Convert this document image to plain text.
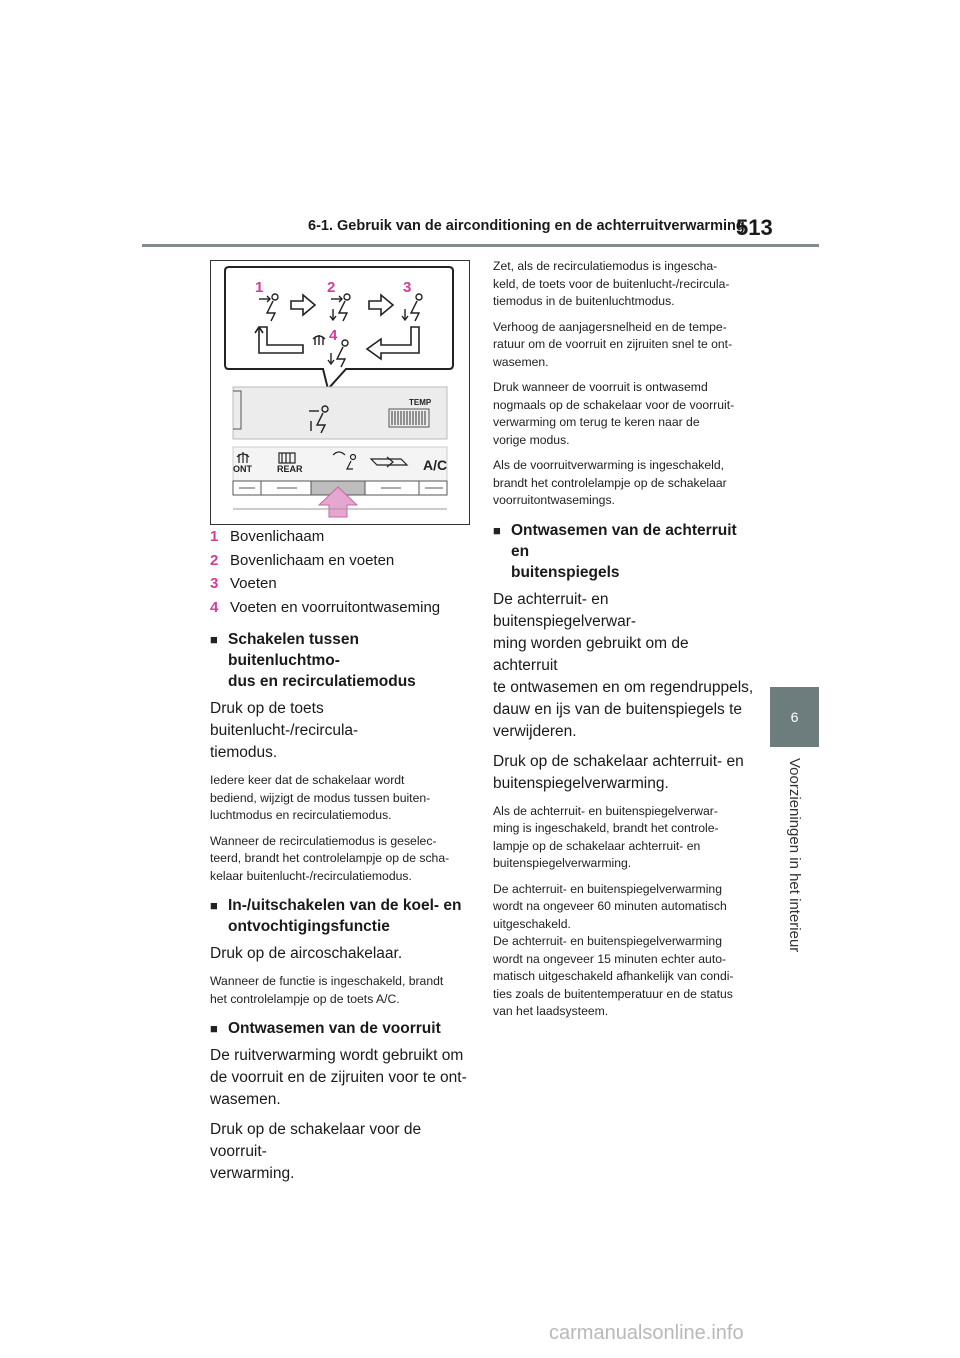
6-1. Gebruik van de airconditioning en de achterruitverwarming
513
6
Voorzieningen in het interieur
TEMP
ONT	REAR	A/C
1	2	3
4
1 Bovenlichaam
2 Bovenlichaam en voeten
3 Voeten
4 Voeten en voorruitontwaseming
■ Schakelen tussen buitenluchtmo-
dus en recirculatiemodus

Druk op de toets buitenlucht-/recircula-
tiemodus.

Iedere keer dat de schakelaar wordt
bediend, wijzigt de modus tussen buiten-
luchtmodus en recirculatiemodus.

Wanneer de recirculatiemodus is geselec-
teerd, brandt het controlelampje op de scha-
kelaar buitenlucht-/recirculatiemodus.

■ In-/uitschakelen van de koel- en
ontvochtigingsfunctie

Druk op de aircoschakelaar.

Wanneer de functie is ingeschakeld, brandt
het controlelampje op de toets A/C.

■ Ontwasemen van de voorruit

De ruitverwarming wordt gebruikt om
de voorruit en de zijruiten voor te ont-
wasemen.

Druk op de schakelaar voor de voorruit-
verwarming.

Zet, als de recirculatiemodus is ingescha-
keld, de toets voor de buitenlucht-/recircula-
tiemodus in de buitenluchtmodus.

Verhoog de aanjagersnelheid en de tempe-
ratuur om de voorruit en zijruiten snel te ont-
wasemen.

Druk wanneer de voorruit is ontwasemd
nogmaals op de schakelaar voor de voorruit-
verwarming om terug te keren naar de
vorige modus.

Als de voorruitverwarming is ingeschakeld,
brandt het controlelampje op de schakelaar
voorruitontwasemings.

■ Ontwasemen van de achterruit en
buitenspiegels

De achterruit- en buitenspiegelverwar-
ming worden gebruikt om de achterruit
te ontwasemen en om regendruppels,
dauw en ijs van de buitenspiegels te
verwijderen.

Druk op de schakelaar achterruit- en
buitenspiegelverwarming.

Als de achterruit- en buitenspiegelverwar-
ming is ingeschakeld, brandt het controle-
lampje op de schakelaar achterruit- en
buitenspiegelverwarming.

De achterruit- en buitenspiegelverwarming
wordt na ongeveer 60 minuten automatisch
uitgeschakeld.
De achterruit- en buitenspiegelverwarming
wordt na ongeveer 15 minuten echter auto-
matisch uitgeschakeld afhankelijk van condi-
ties zoals de buitentemperatuur en de status
van het laadsysteem.

carmanualsonline.info
